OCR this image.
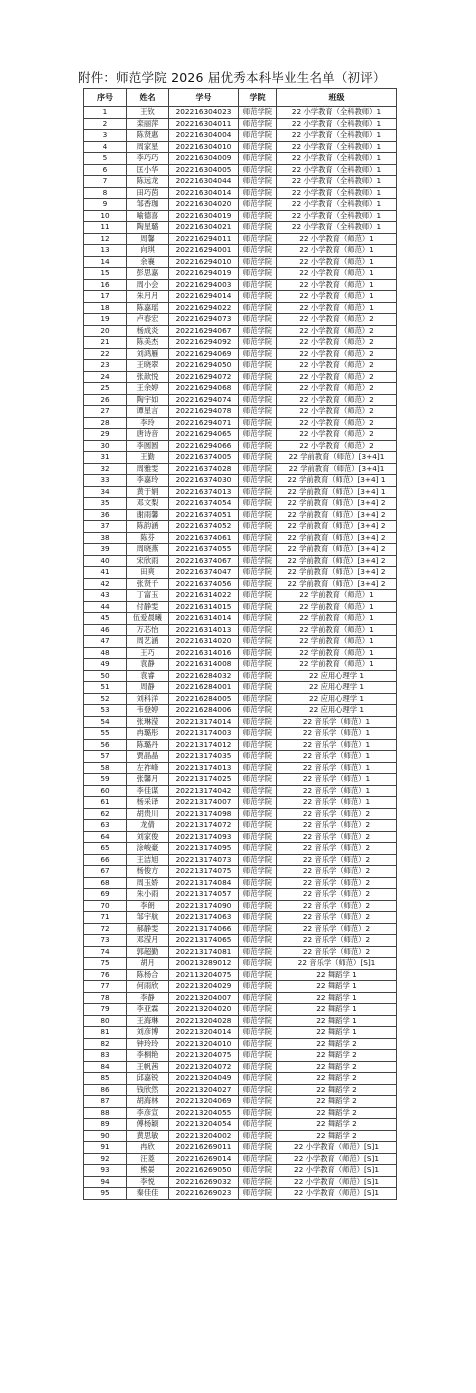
附件：师范学院 2026 届优秀本科毕业生名单（初评）
序号	姓名	学号	学院	班级
1	王钦	202216304023	师范学院	22 小学教育（全科教师）1
2	栾丽萍	202216304011	师范学院	22 小学教育（全科教师）1
3	陈贤惠	202216304004	师范学院	22 小学教育（全科教师）1
4	周家星	202216304010	师范学院	22 小学教育（全科教师）1
5	李巧巧	202216304009	师范学院	22 小学教育（全科教师）1
6	匡小华	202216304005	师范学院	22 小学教育（全科教师）1
7	陈远龙	202216304044	师范学院	22 小学教育（全科教师）1
8	田巧茵	202216304014	师范学院	22 小学教育（全科教师）1
9	邹香珈	202216304020	师范学院	22 小学教育（全科教师）1
10	喻德喜	202216304019	师范学院	22 小学教育（全科教师）1
11	陶星璐	202216304021	师范学院	22 小学教育（全科教师）1
12	周馨	202216294011	师范学院	22 小学教育（师范）1
13	向琪	202216294001	师范学院	22 小学教育（师范）1
14	余襄	202216294010	师范学院	22 小学教育（师范）1
15	彭思嘉	202216294019	师范学院	22 小学教育（师范）1
16	周小会	202216294003	师范学院	22 小学教育（师范）1
17	朱月月	202216294014	师范学院	22 小学教育（师范）1
18	陈嘉瑶	202216294022	师范学院	22 小学教育（师范）1
19	卢春宏	202216294073	师范学院	22 小学教育（师范）2
20	杨成炎	202216294067	师范学院	22 小学教育（师范）2
21	陈美杰	202216294092	师范学院	22 小学教育（师范）2
22	刘鸿雁	202216294069	师范学院	22 小学教育（师范）2
23	王晓翠	202216294050	师范学院	22 小学教育（师范）2
24	张歆悦	202216294072	师范学院	22 小学教育（师范）2
25	王余婷	202216294068	师范学院	22 小学教育（师范）2
26	陶宇如	202216294074	师范学院	22 小学教育（师范）2
27	谭星言	202216294078	师范学院	22 小学教育（师范）2
28	李玲	202216294071	师范学院	22 小学教育（师范）2
29	唐诗音	202216294065	师范学院	22 小学教育（师范）2
30	李圆圆	202216294066	师范学院	22 小学教育（师范）2
31	王勤	202216374005	师范学院	22 学前教育（师范）[3+4]1
32	周雅雯	202216374028	师范学院	22 学前教育（师范）[3+4]1
33	李嘉玲	202216374030	师范学院	22 学前教育（师范）[3+4] 1
34	黄于娟	202216374013	师范学院	22 学前教育（师范）[3+4] 1
35	邓文梨	202216374054	师范学院	22 学前教育（师范）[3+4] 2
36	谢雨馨	202216374051	师范学院	22 学前教育（师范）[3+4] 2
37	陈韵涵	202216374052	师范学院	22 学前教育（师范）[3+4] 2
38	陈芬	202216374061	师范学院	22 学前教育（师范）[3+4] 2
39	周晓燕	202216374055	师范学院	22 学前教育（师范）[3+4] 2
40	宋欣雨	202216374067	师范学院	22 学前教育（师范）[3+4] 2
41	田爽	202216374047	师范学院	22 学前教育（师范）[3+4] 2
42	张贤千	202216374056	师范学院	22 学前教育（师范）[3+4] 2
43	丁富玉	202216314022	师范学院	22 学前教育（师范）1
44	付静雯	202216314015	师范学院	22 学前教育（师范）1
45	伍爱晨曦	202216314014	师范学院	22 学前教育（师范）1
46	万芯怡	202216314013	师范学院	22 学前教育（师范）1
47	周艺涵	202216314020	师范学院	22 学前教育（师范）1
48	王巧	202216314016	师范学院	22 学前教育（师范）1
49	袁静	202216314008	师范学院	22 学前教育（师范）1
50	袁睿	202216284032	师范学院	22 应用心理学 1
51	周静	202216284001	师范学院	22 应用心理学 1
52	刘科洋	202216284005	师范学院	22 应用心理学 1
53	韦登婷	202216284006	师范学院	22 应用心理学 1
54	张琳滢	202213174014	师范学院	22 音乐学（师范）1
55	冉璐彤	202213174003	师范学院	22 音乐学（师范）1
56	陈璐丹	202213174012	师范学院	22 音乐学（师范）1
57	贾晶晶	202213174035	师范学院	22 音乐学（师范）1
58	左祚峰	202213174013	师范学院	22 音乐学（师范）1
59	张馨月	202213174025	师范学院	22 音乐学（师范）1
60	李佳谋	202213174042	师范学院	22 音乐学（师范）1
61	杨采译	202213174007	师范学院	22 音乐学（师范）1
62	胡贵川	202213174098	师范学院	22 音乐学（师范）2
63	龙倩	202213174072	师范学院	22 音乐学（师范）2
64	刘家俊	202213174093	师范学院	22 音乐学（师范）2
65	涂峻豪	202213174095	师范学院	22 音乐学（师范）2
66	王洁旭	202213174073	师范学院	22 音乐学（师范）2
67	杨俊方	202213174075	师范学院	22 音乐学（师范）2
68	周玉娇	202213174084	师范学院	22 音乐学（师范）2
69	朱小雨	202213174057	师范学院	22 音乐学（师范）2
70	李朗	202213174090	师范学院	22 音乐学（师范）2
71	邹宇航	202213174063	师范学院	22 音乐学（师范）2
72	郝静雯	202213174066	师范学院	22 音乐学（师范）2
73	邓滢月	202213174065	师范学院	22 音乐学（师范）2
74	郭超勤	202213174081	师范学院	22 音乐学（师范）2
75	胡月	200213289012	师范学院	22 音乐学（师范）[S]1
76	陈杨合	202113204075	师范学院	22 舞蹈学 1
77	何雨欣	202213204029	师范学院	22 舞蹈学 1
78	李静	202213204007	师范学院	22 舞蹈学 1
79	李亚霖	202213204020	师范学院	22 舞蹈学 1
80	王海琳	202213204028	师范学院	22 舞蹈学 1
81	刘彦博	202213204014	师范学院	22 舞蹈学 1
82	钟玲玲	202213204010	师范学院	22 舞蹈学 2
83	李桐艳	202213204075	师范学院	22 舞蹈学 2
84	王帆茜	202213204072	师范学院	22 舞蹈学 2
85	邱嘉锐	202213204049	师范学院	22 舞蹈学 2
86	钱欣然	202213204027	师范学院	22 舞蹈学 2
87	胡海林	202213204069	师范学院	22 舞蹈学 2
88	李彦宣	202213204055	师范学院	22 舞蹈学 2
89	傅杨颖	202213204054	师范学院	22 舞蹈学 2
90	黄思敏	202213204002	师范学院	22 舞蹈学 2
91	冉欣	202216269011	师范学院	22 小学教育（师范）[S]1
92	汪菱	202216269014	师范学院	22 小学教育（师范）[S]1
93	熊晏	202216269050	师范学院	22 小学教育（师范）[S]1
94	李悦	202216269032	师范学院	22 小学教育（师范）[S]1
95	秦佳佳	202216269023	师范学院	22 小学教育（师范）[S]1
